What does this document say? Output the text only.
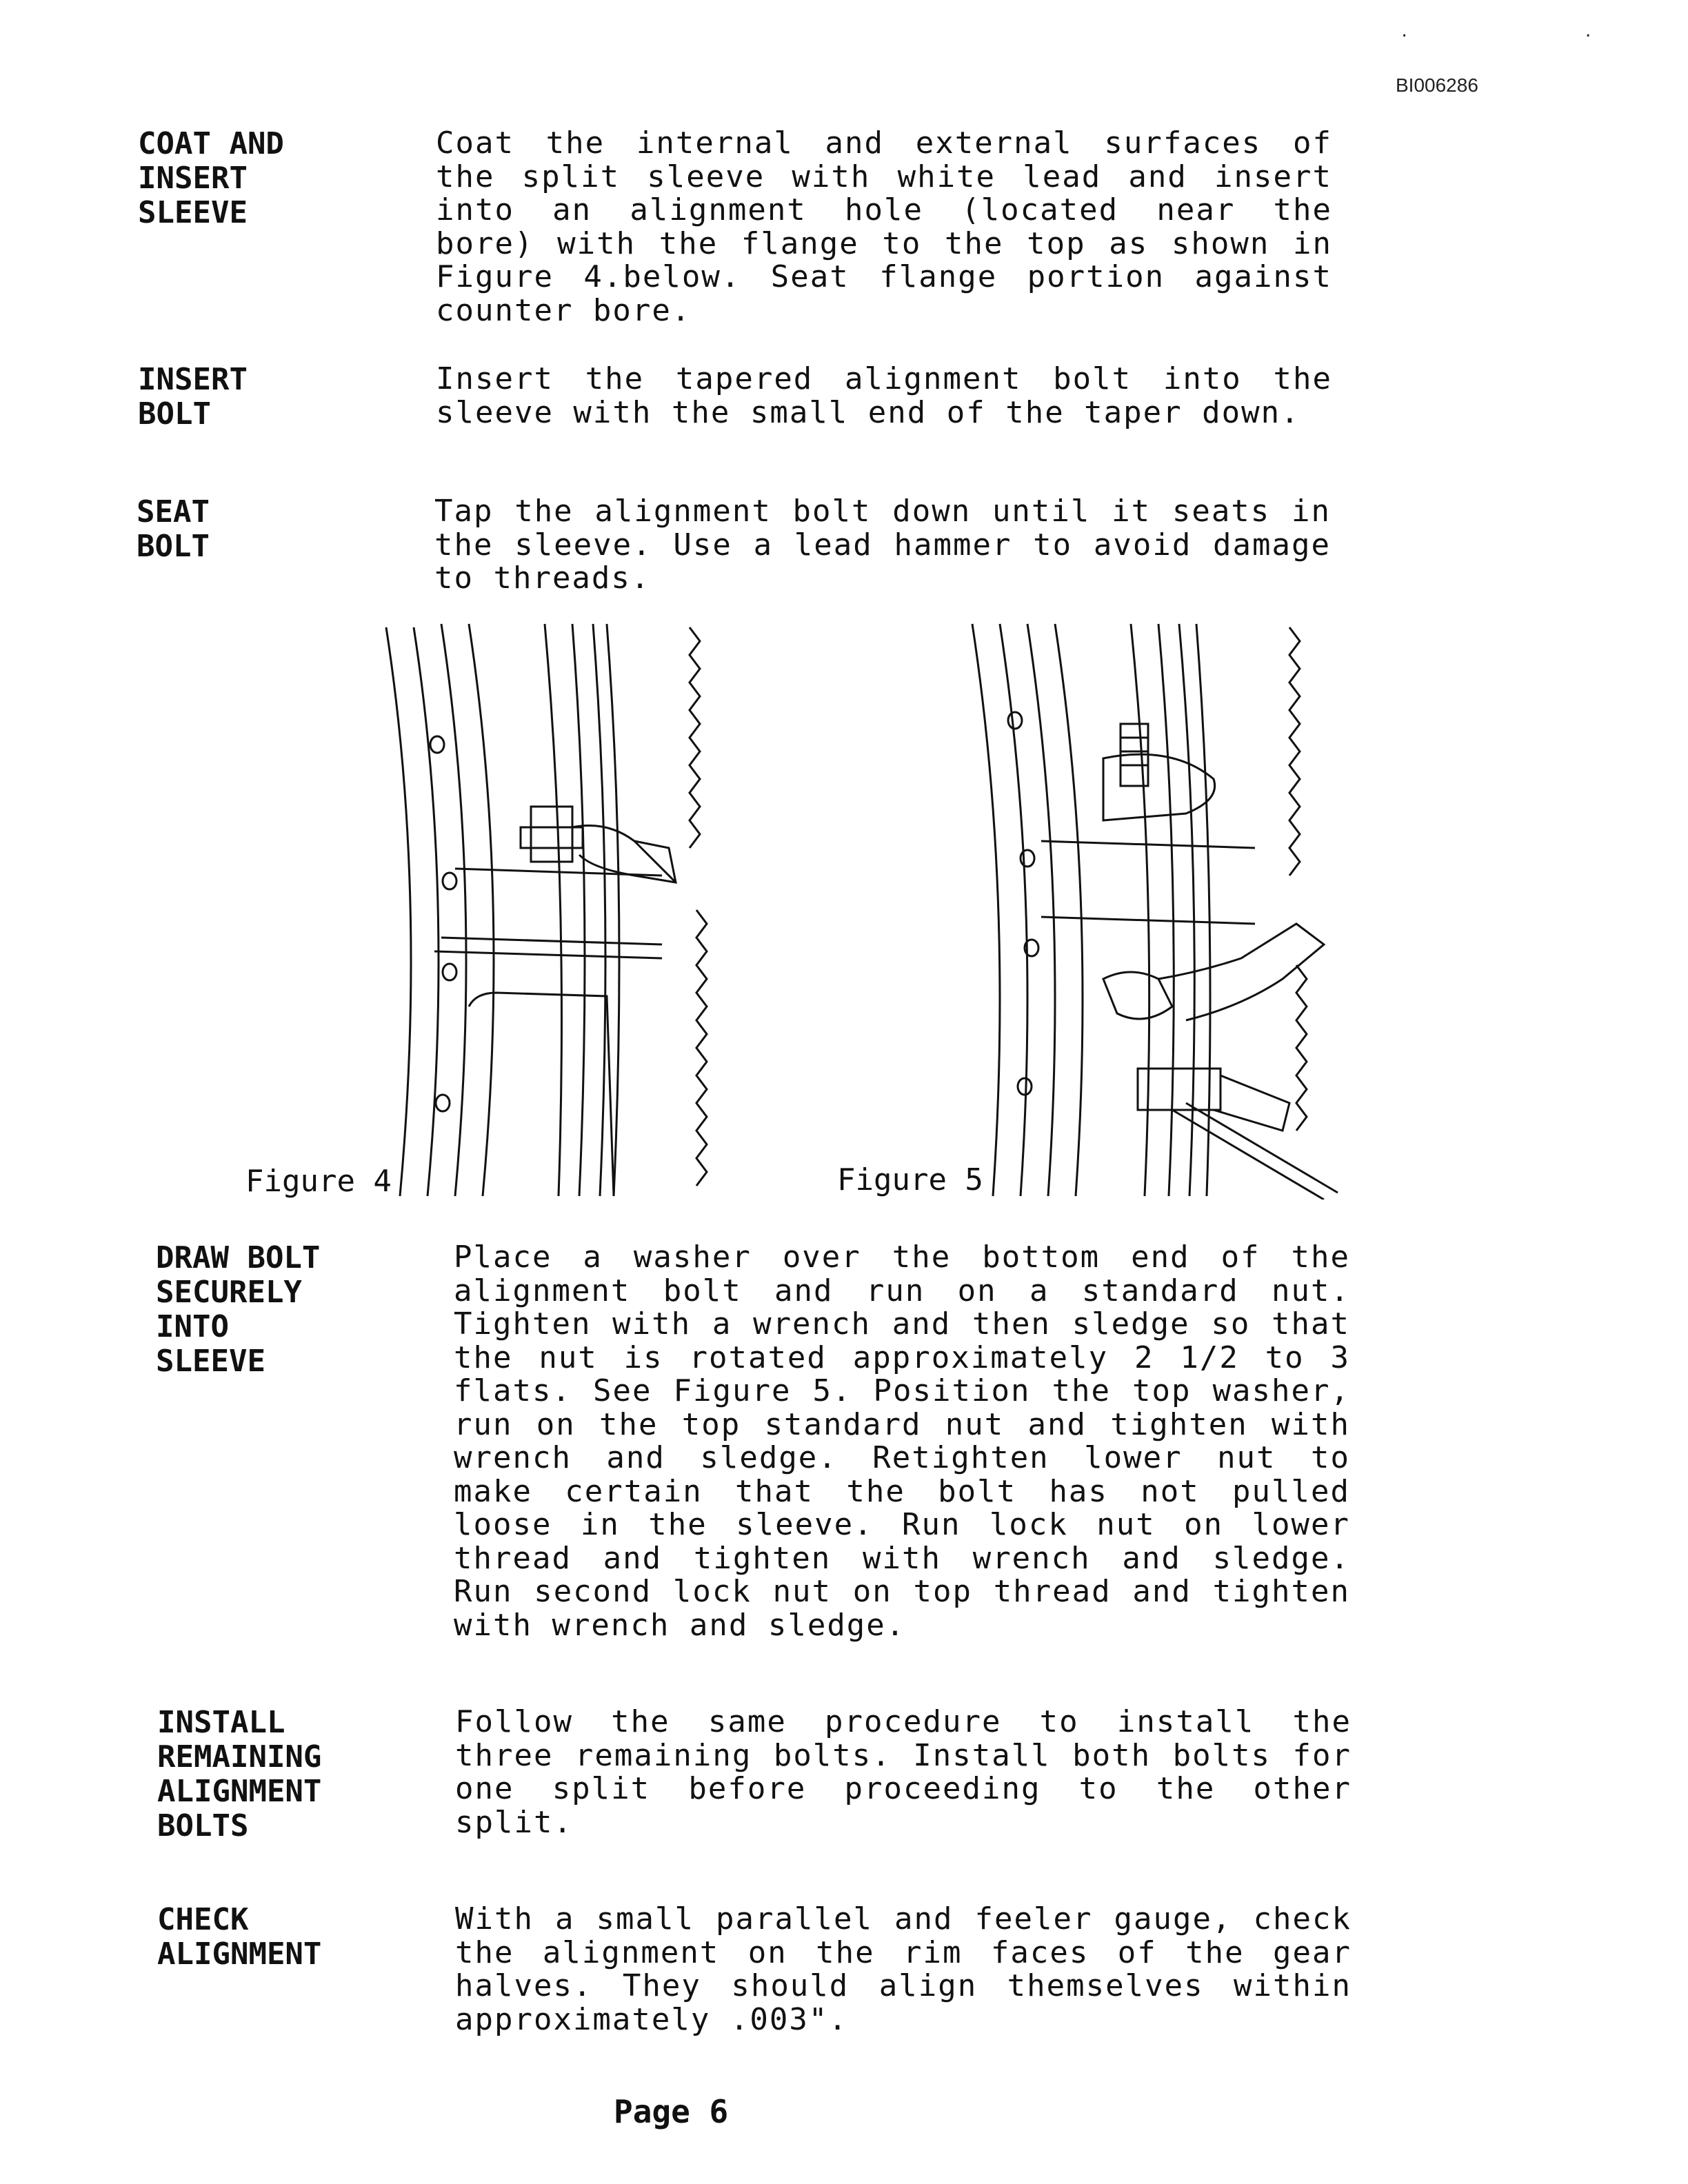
. .
BI006286
COAT AND
INSERT
SLEEVE
Coat the internal and external surfaces of the split sleeve with white lead and insert into an alignment hole (located near the bore) with the flange to the top as shown in Figure 4.below. Seat flange portion against counter bore.
INSERT
BOLT
Insert the tapered alignment bolt into the sleeve with the small end of the taper down.
SEAT
BOLT
Tap the alignment bolt down until it seats in the sleeve. Use a lead hammer to avoid damage to threads.
Figure 4	Figure 5
DRAW BOLT
SECURELY
INTO
SLEEVE
Place a washer over the bottom end of the alignment bolt and run on a standard nut. Tighten with a wrench and then sledge so that the nut is rotated approximately 2 1/2 to 3 flats. See Figure 5. Position the top washer, run on the top standard nut and tighten with wrench and sledge. Retighten lower nut to make certain that the bolt has not pulled loose in the sleeve. Run lock nut on lower thread and tighten with wrench and sledge. Run second lock nut on top thread and tighten with wrench and sledge.
INSTALL
REMAINING
ALIGNMENT
BOLTS
Follow the same procedure to install the three remaining bolts. Install both bolts for one split before proceeding to the other split.
CHECK
ALIGNMENT
With a small parallel and feeler gauge, check the alignment on the rim faces of the gear halves. They should align themselves within approximately .003".
Page 6
